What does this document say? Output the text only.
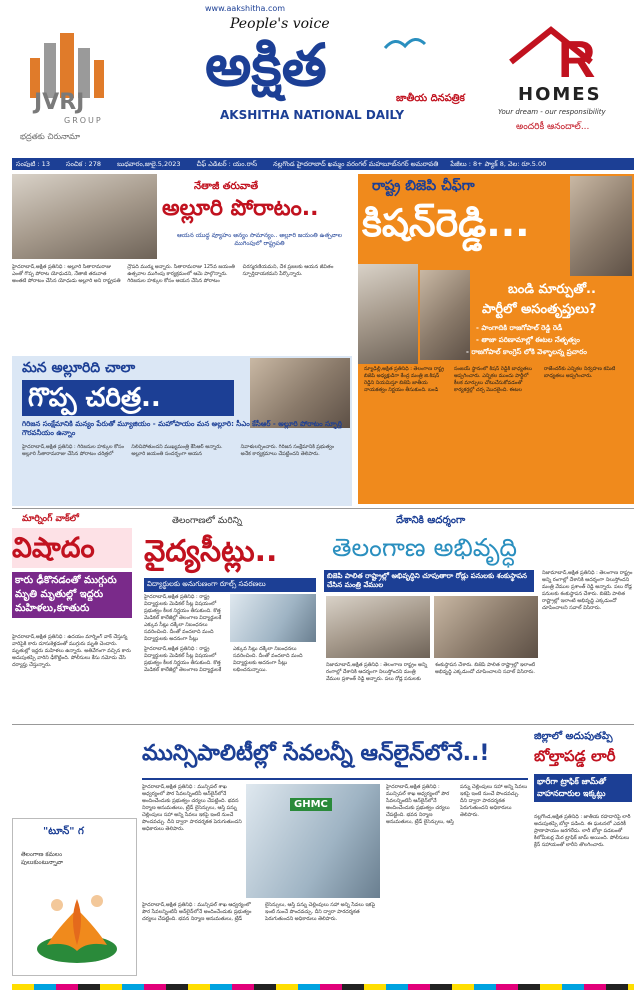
JVRJ
GROUP
భద్రతకు చిరునామా
www.aakshitha.com
People's voice
అక్షిత	జాతీయ దినపత్రిక
AKSHITHA NATIONAL DAILY
R
HOMES
Your dream - our responsibility
అందరికీ ఆనందాల్...
సంపుటి : 13 సంచిక : 278 బుధవారం,జులై.5,2023 చీఫ్ ఎడిటర్ : యం.రాస్ నల్లగొండ హైదరాబాద్ ఖమ్మం వరంగల్ మహబూబ్‌నగర్ అమరావతి పేజీలు : 8+ ప్యాక్ 8, వెల: రూ.5.00
నేతాజీ తరువాతే
అల్లూరి పోరాటం..
ఆయన యుద్ధ వ్యూహం అన్యం సామాన్యం.. అల్లూరి జయంతి ఉత్సవాల ముగింపులో రాష్ట్రపతి
హైదరాబాద్,అక్షిత ప్రతినిధి : అల్లూరి సీతారామరాజు ఎంతో గొప్ప పోరాట యోధుడని, నేతాజీ తరువాత అంతటి పోరాటం చేసిన యోధుడు అల్లూరి అని రాష్ట్రపతి ద్రౌపది ముర్ము అన్నారు. సీతారామరాజు 125వ జయంతి ఉత్సవాల ముగింపు కార్యక్రమంలో ఆమె పాల్గొన్నారు. గిరిజనుల హక్కుల కోసం ఆయన చేసిన పోరాటం చిరస్మరణీయమని, దేశ ప్రజలకు ఆయన జీవితం స్ఫూర్తిదాయకమని పేర్కొన్నారు.
రాష్ట్ర బిజెపి చీఫ్‌గా
కిషన్‌రెడ్డి...
బండి మార్పుతో..
పార్టీలో అసంతృప్తులు?
- పాంగాదికి రాజగోపాల్ రెడ్డి రెడీ
- తాజా పరిణామాల్లో ఈటల నేతృత్వం
- రాజగోపాల్ కాంగ్రెస్ లోకి వెళ్ళాలన్న ప్రచారం
న్యూఢిల్లీ,అక్షిత ప్రతినిధి : తెలంగాణ రాష్ట్ర బిజెపి అధ్యక్షుడిగా కేంద్ర మంత్రి జి.కిషన్ రెడ్డిని నియమిస్తూ బిజెపి జాతీయ నాయకత్వం నిర్ణయం తీసుకుంది. బండి సంజయ్ స్థానంలో కిషన్ రెడ్డికి బాధ్యతలు అప్పగించారు. ఎన్నికల ముందు పార్టీలో కీలక మార్పులు చోటుచేసుకోవడంతో కార్యకర్తల్లో చర్చ మొదలైంది. ఈటల రాజేందర్‌కు ఎన్నికల నిర్వహణ కమిటీ బాధ్యతలు అప్పగించారు.
మన అల్లూరిది చాలా
గొప్ప చరిత్ర..
గిరిజన సంక్షేమానికి మన్యం పేరుతో మ్యూజియం - మహోపాయం మన అల్లూరి: సీఎం కేసీఆర్ - అల్లూరి పోరాటం స్ఫూర్తి గౌరవనీయం ఉన్నాం
హైదరాబాద్,అక్షిత ప్రతినిధి : గిరిజనుల హక్కుల కోసం అల్లూరి సీతారామరాజు చేసిన పోరాటం చరిత్రలో నిలిచిపోతుందని ముఖ్యమంత్రి కేసీఆర్ అన్నారు. అల్లూరి జయంతి సందర్భంగా ఆయన నివాళులర్పించారు. గిరిజన సంక్షేమానికి ప్రభుత్వం అనేక కార్యక్రమాలు చేపట్టిందని తెలిపారు.
మార్నింగ్ వాక్‌లో
విషాదం
కారు ఢీకొనడంతో ముగ్గురు మృతి మృతుల్లో ఇద్దరు మహిళలు,కూతురు
హైదరాబాద్,అక్షిత ప్రతినిధి : ఉదయం మార్నింగ్ వాక్ చేస్తున్న వారిపైకి కారు దూసుకెళ్లడంతో ముగ్గురు మృతి చెందారు. మృతుల్లో ఇద్దరు మహిళలు ఉన్నారు. అతివేగంగా వచ్చిన కారు అదుపుతప్పి వారిని ఢీకొట్టింది. పోలీసులు కేసు నమోదు చేసి దర్యాప్తు చేస్తున్నారు.
తెలంగాణలో మరిన్ని
వైద్యసీట్లు..
విద్యార్థులకు అనుగుణంగా రూల్స్ సవరణలు
హైదరాబాద్,అక్షిత ప్రతినిధి : రాష్ట్ర విద్యార్థులకు మెడికల్ సీట్ల విషయంలో ప్రభుత్వం కీలక నిర్ణయం తీసుకుంది. కొత్త మెడికల్ కాలేజీల్లో తెలంగాణ విద్యార్థులకే ఎక్కువ సీట్లు దక్కేలా నిబంధనలు సవరించింది. దీంతో వందలాది మంది విద్యార్థులకు అదనంగా సీట్లు
హైదరాబాద్,అక్షిత ప్రతినిధి : రాష్ట్ర విద్యార్థులకు మెడికల్ సీట్ల విషయంలో ప్రభుత్వం కీలక నిర్ణయం తీసుకుంది. కొత్త మెడికల్ కాలేజీల్లో తెలంగాణ విద్యార్థులకే ఎక్కువ సీట్లు దక్కేలా నిబంధనలు సవరించింది. దీంతో వందలాది మంది విద్యార్థులకు అదనంగా సీట్లు లభించనున్నాయి.
దేశానికి ఆదర్శంగా
తెలంగాణ అభివృద్ధి
బిజెపి పాలిత రాష్ట్రాల్లో అభివృద్ధిని చూపుతారా రోడ్లు పనులకు శంకుస్థాపన చేసిన మంత్రి వేముల
నిజామాబాద్,అక్షిత ప్రతినిధి : తెలంగాణ రాష్ట్రం అన్ని రంగాల్లో దేశానికి ఆదర్శంగా నిలుస్తోందని మంత్రి వేముల ప్రశాంత్ రెడ్డి అన్నారు. పలు రోడ్ల పనులకు శంకుస్థాపన చేశారు. బిజెపి పాలిత రాష్ట్రాల్లో ఇలాంటి అభివృద్ధి ఎక్కడుందో చూపించాలని సవాల్ విసిరారు.
నిజామాబాద్,అక్షిత ప్రతినిధి : తెలంగాణ రాష్ట్రం అన్ని రంగాల్లో దేశానికి ఆదర్శంగా నిలుస్తోందని మంత్రి వేముల ప్రశాంత్ రెడ్డి అన్నారు. పలు రోడ్ల పనులకు శంకుస్థాపన చేశారు. బిజెపి పాలిత రాష్ట్రాల్లో ఇలాంటి అభివృద్ధి ఎక్కడుందో చూపించాలని సవాల్ విసిరారు.
మున్సిపాలిటీల్లో సేవలన్నీ ఆన్‌లైన్‌లోనే..!
హైదరాబాద్,అక్షిత ప్రతినిధి : మున్సిపల్ శాఖ ఆధ్వర్యంలో పౌర సేవలన్నింటినీ ఆన్‌లైన్‌లోనే అందించేందుకు ప్రభుత్వం చర్యలు చేపట్టింది. భవన నిర్మాణ అనుమతులు, ట్రేడ్ లైసెన్సులు, ఆస్తి పన్ను చెల్లింపులు సహా అన్ని సేవలు ఇకపై ఇంటి నుంచే పొందవచ్చు. దీని ద్వారా పారదర్శకత పెరుగుతుందని అధికారులు తెలిపారు.
GHMC
హైదరాబాద్,అక్షిత ప్రతినిధి : మున్సిపల్ శాఖ ఆధ్వర్యంలో పౌర సేవలన్నింటినీ ఆన్‌లైన్‌లోనే అందించేందుకు ప్రభుత్వం చర్యలు చేపట్టింది. భవన నిర్మాణ అనుమతులు, ట్రేడ్ లైసెన్సులు, ఆస్తి పన్ను చెల్లింపులు సహా అన్ని సేవలు ఇకపై ఇంటి నుంచే పొందవచ్చు. దీని ద్వారా పారదర్శకత పెరుగుతుందని అధికారులు తెలిపారు.
హైదరాబాద్,అక్షిత ప్రతినిధి : మున్సిపల్ శాఖ ఆధ్వర్యంలో పౌర సేవలన్నింటినీ ఆన్‌లైన్‌లోనే అందించేందుకు ప్రభుత్వం చర్యలు చేపట్టింది. భవన నిర్మాణ అనుమతులు, ట్రేడ్ లైసెన్సులు, ఆస్తి పన్ను చెల్లింపులు సహా అన్ని సేవలు ఇకపై ఇంటి నుంచే పొందవచ్చు. దీని ద్వారా పారదర్శకత పెరుగుతుందని అధికారులు తెలిపారు.
"టూన్" గ
తెలంగాణ కమలం పులుకుంటున్నావా
జిల్లాలో అదుపుతప్పి
బోల్తాపడ్డ లారీ
భారీగా ట్రాఫిక్ జామ్‌తో వాహనదారుల ఇక్కట్లు
నల్లగొండ,అక్షిత ప్రతినిధి : జాతీయ రహదారిపై లారీ అదుపుతప్పి బోల్తా పడింది. ఈ ఘటనలో ఎవరికీ ప్రాణాపాయం జరగలేదు. లారీ బోల్తా పడటంతో కిలోమీటర్ల మేర ట్రాఫిక్ జామ్ అయింది. పోలీసులు క్రేన్ సహాయంతో లారీని తొలగించారు.
